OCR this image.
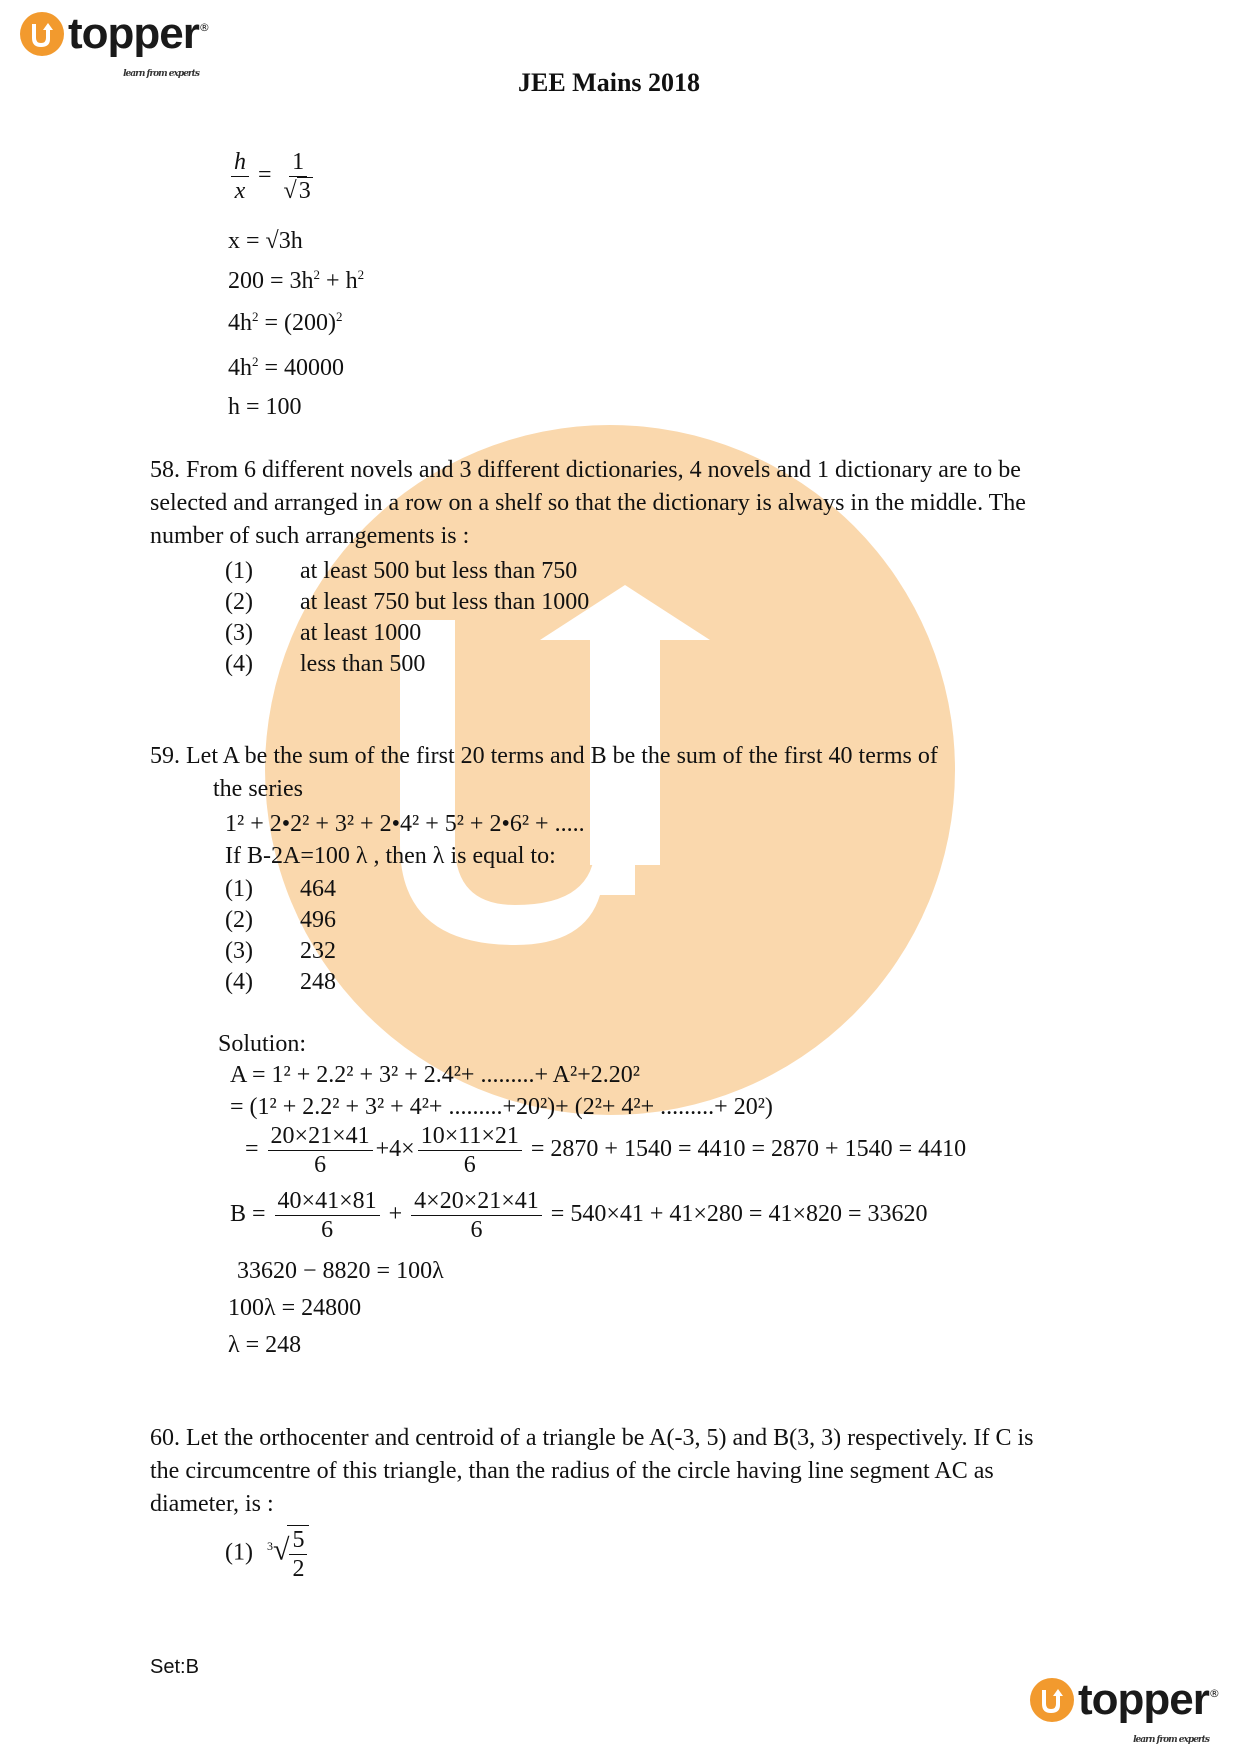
topper ®
learn from experts	JEE Mains 2018
$\frac{h}{x} = \frac{1}{√3}$
x = √3h
$200 = 3h^2 + h^2$
$4h^2 = (200)^2$
$4h^2 = 40000$
h = 100
58. From 6 different novels and 3 different dictionaries, 4 novels and 1 dictionary are to be
selected and arranged in a row on a shelf so that the dictionary is always in the middle. The
number of such arrangements is :
(1) at least 500 but less than 750
(2) at least 750 but less than 1000
(3) at least 1000
(4) less than 500
59. Let A be the sum of the first 20 terms and B be the sum of the first 40 terms of
the series
1² + 2•2² + 3² + 2•4² + 5² + 2•6² + .....
If B-2A=100 λ , then λ is equal to:
(1) 464
(2) 496
(3) 232
(4) 248
Solution:
A = 1² + 2.2² + 3² + 2.4²+ .........+ A²+2.20²
= (1² + 2.2² + 3² + 4²+ .........+20²)+ (2²+ 4²+ .........+ 20²)
= $\frac{20\times 21\times 41}{6} +4\times \frac{10\times 11\times 21}{6} = 2870 + 1540 = 4410 = 2870 + 1540 = 4410$
$B = \frac{40\times 41\times 81}{6} + \frac{4\times 20\times 21\times 41}{6} = 540\times 41 + 41\times 280 = 41\times 820 = 33620$
33620 − 8820 = 100λ
100λ = 24800
λ = 248
60. Let the orthocenter and centroid of a triangle be A(-3, 5) and B(3, 3) respectively. If C is
the circumcentre of this triangle, than the radius of the circle having line segment AC as
diameter, is :
(1) $^3$√
$\frac{5}{2}$
Set:B
topper ®
learn from experts
